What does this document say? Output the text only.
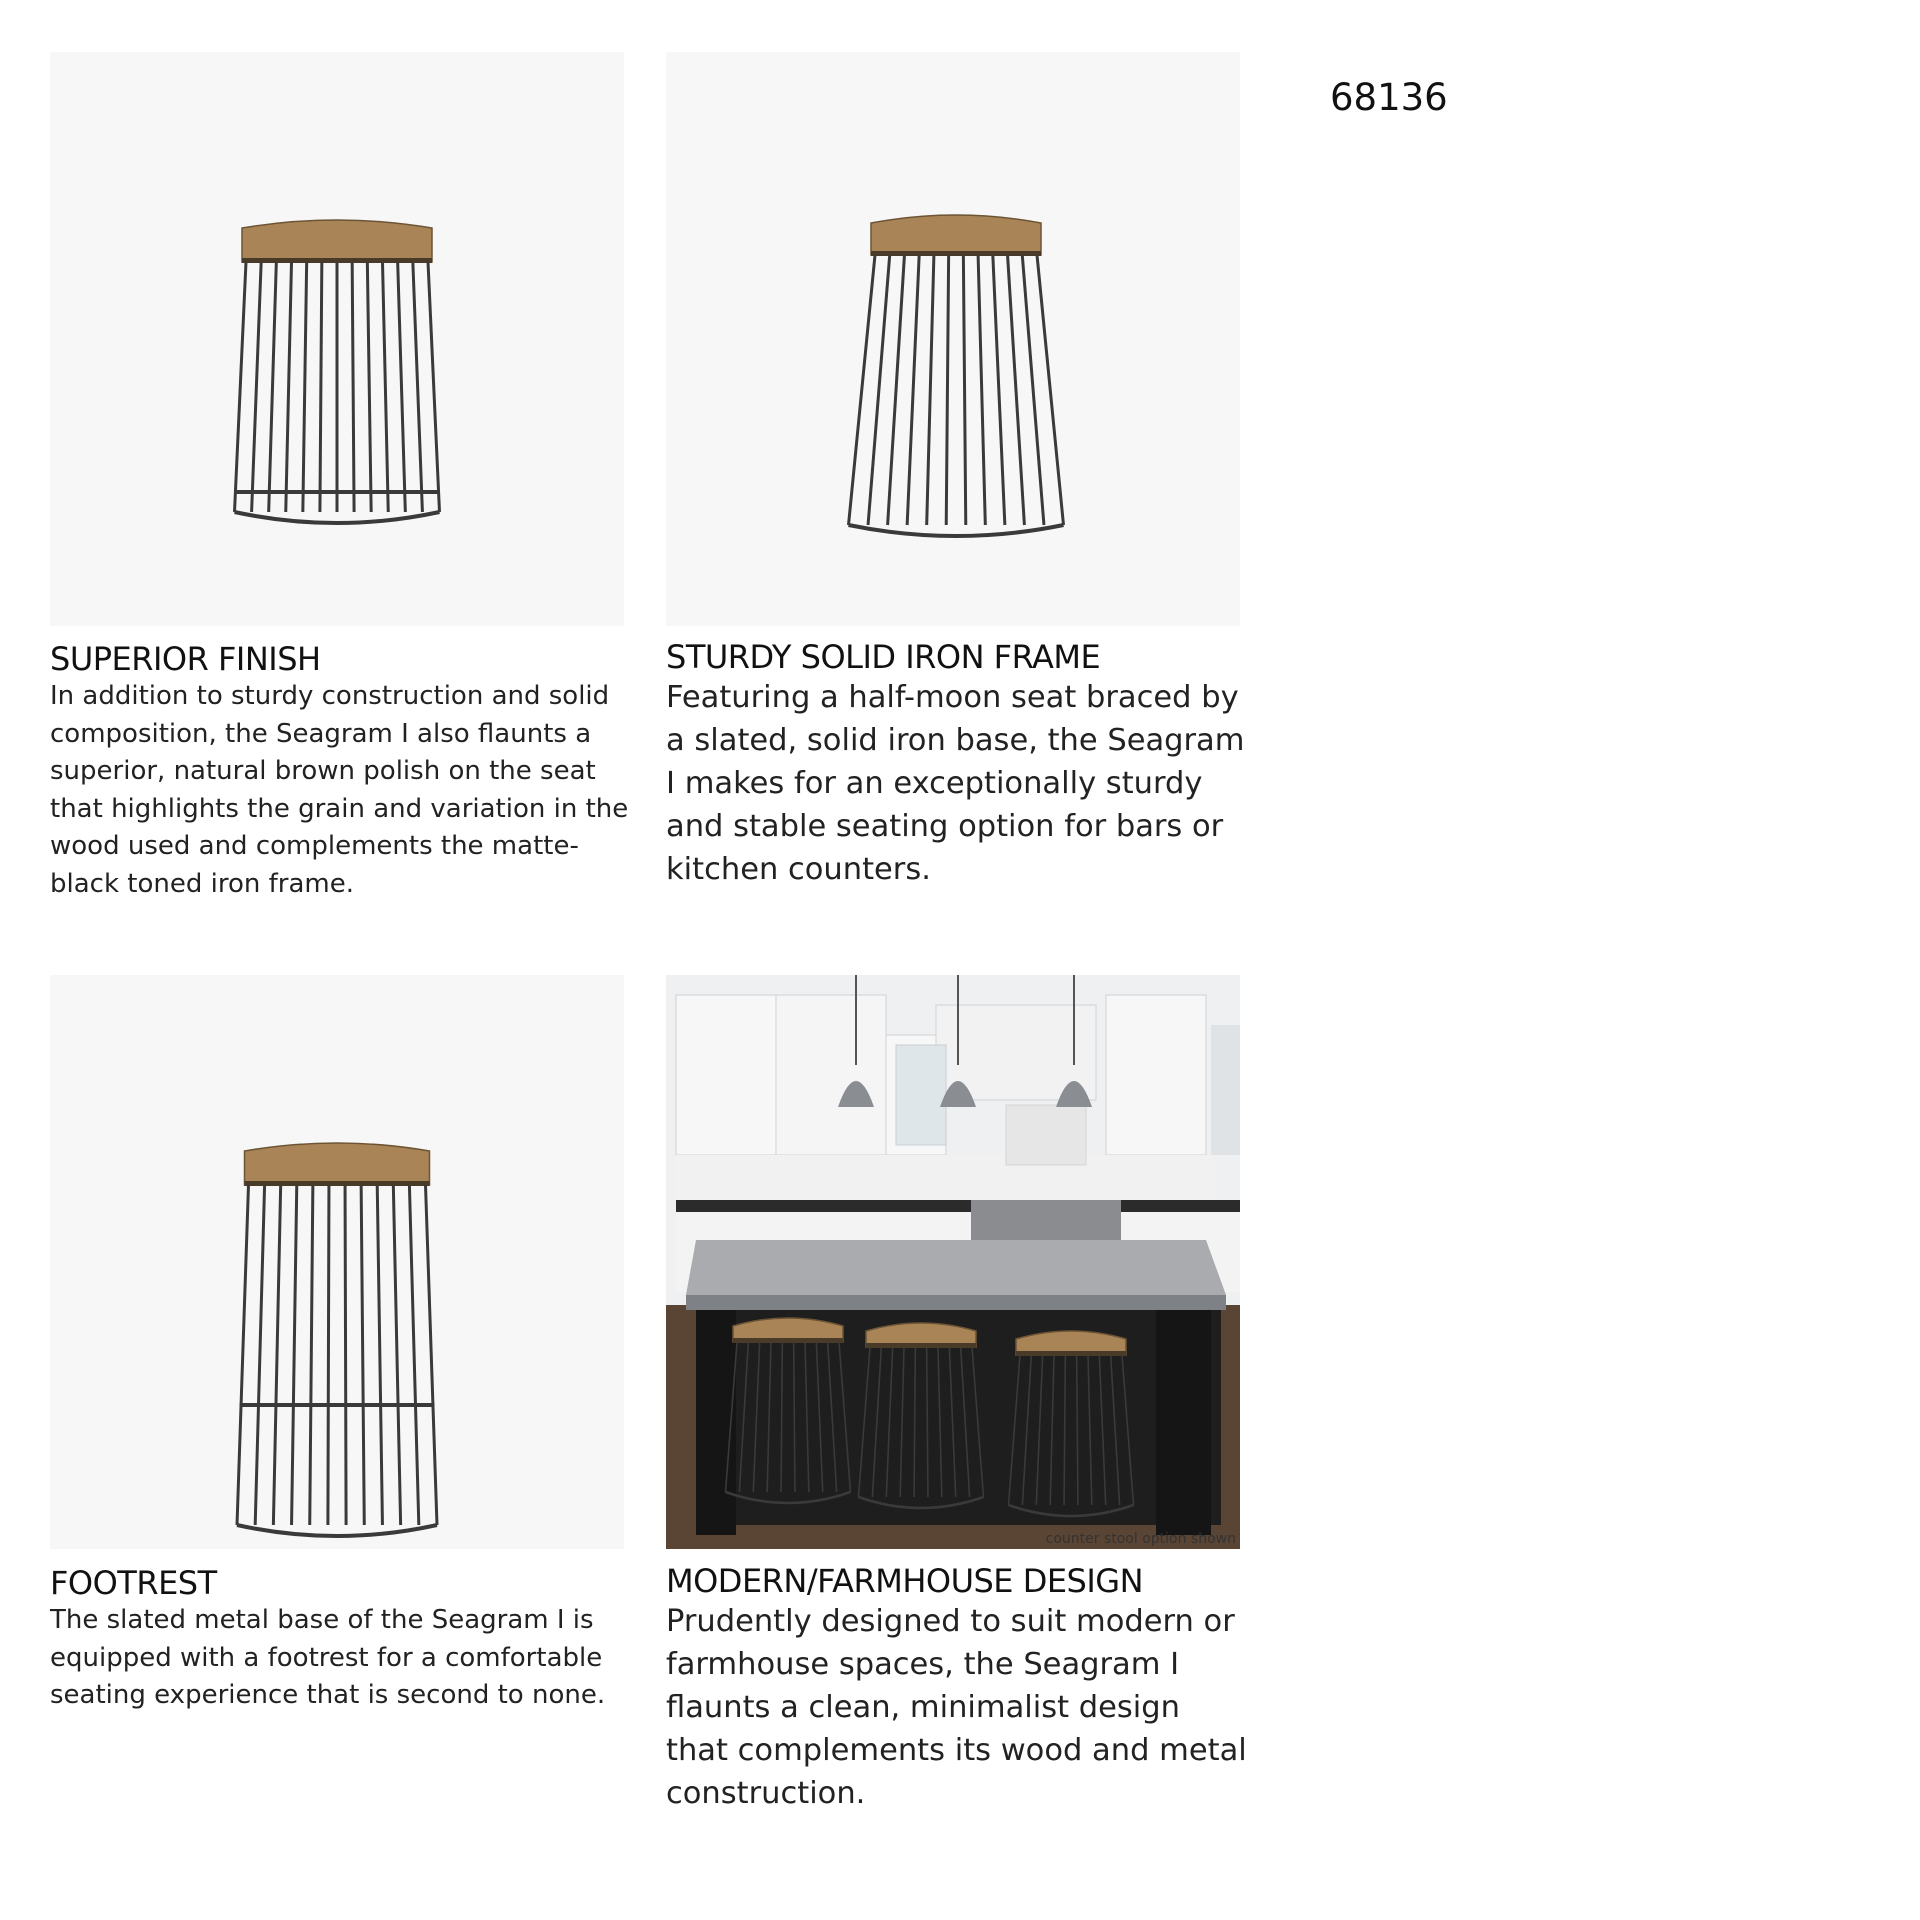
68136
SUPERIOR FINISH

In addition to sturdy construction and solid composition, the Seagram I also flaunts a superior, natural brown polish on the seat that highlights the grain and variation in the wood used and complements the matte-black toned iron frame.

STURDY SOLID IRON FRAME

Featuring a half-moon seat braced by a slated, solid iron base, the Seagram I makes for an exceptionally sturdy and stable seating option for bars or kitchen counters.

FOOTREST

The slated metal base of the Seagram I is equipped with a footrest for a comfortable seating experience that is second to none.

counter stool option shown
MODERN/FARMHOUSE DESIGN

Prudently designed to suit modern or farmhouse spaces, the Seagram I flaunts a clean, minimalist design that complements its wood and metal construction.
